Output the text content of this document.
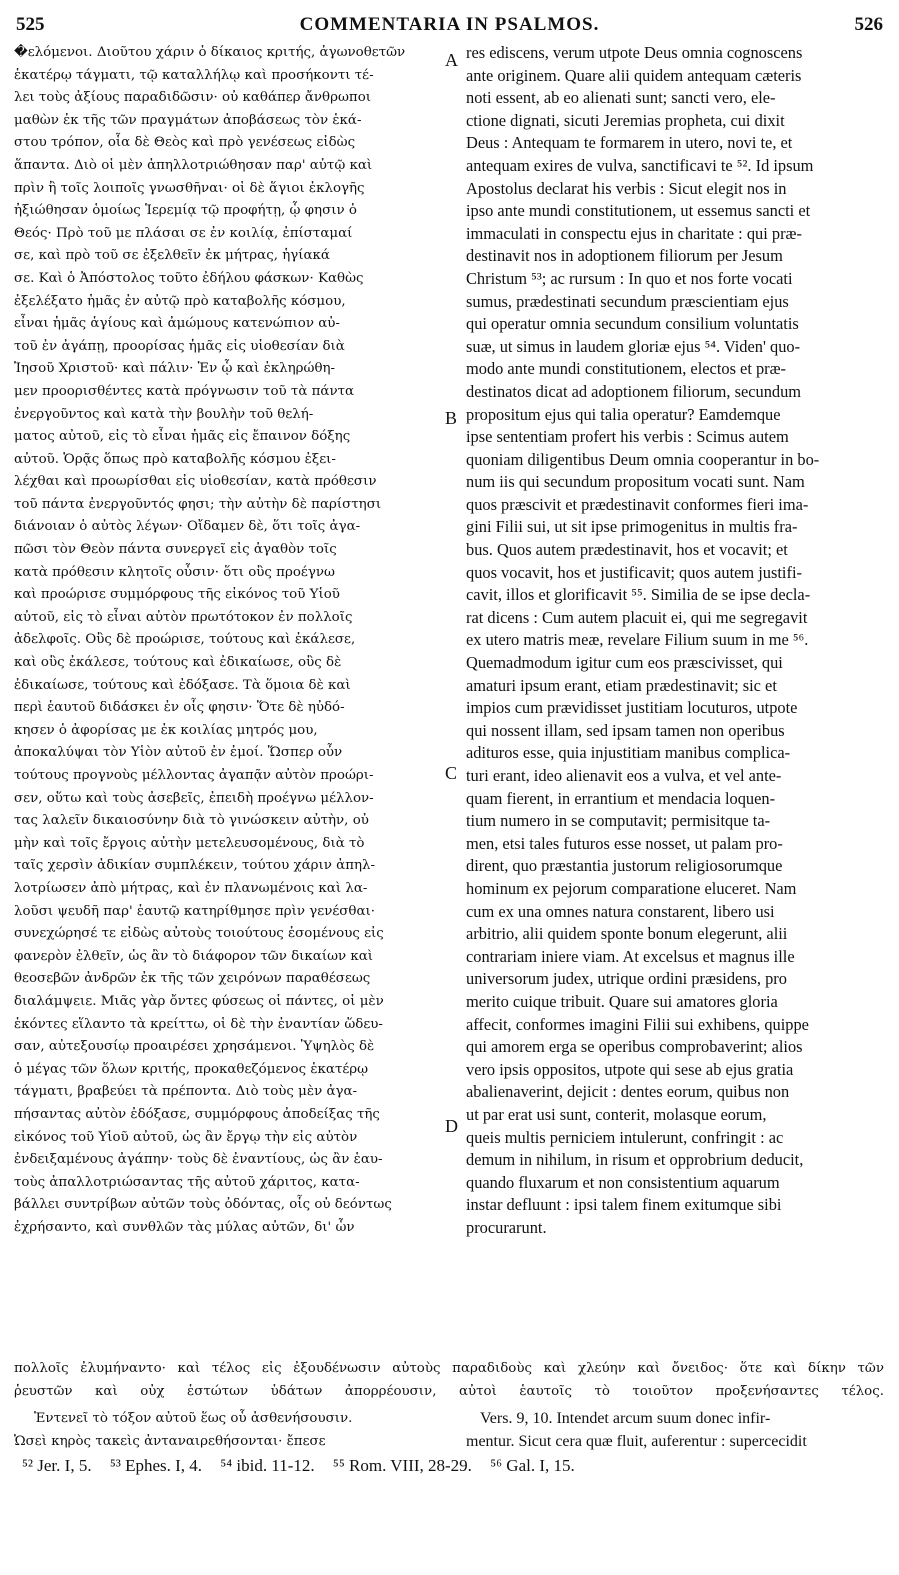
525	COMMENTARIA IN PSALMOS.	526
�ελόμενοι. Διοῦτου χάριν ὁ δίκαιος κριτής, ἀγωνοθετῶν
ἑκατέρῳ τάγματι, τῷ καταλλήλῳ καὶ προσήκοντι τέ-
λει τοὺς ἀξίους παραδιδῶσιν· οὐ καθάπερ ἄνθρωποι
μαθὼν ἐκ τῆς τῶν πραγμάτων ἀποβάσεως τὸν ἑκά-
στου τρόπον, οἷα δὲ Θεὸς καὶ πρὸ γενέσεως εἰδὼς
ἅπαντα. Διὸ οἱ μὲν ἀπηλλοτριώθησαν παρ' αὐτῷ καὶ
πρὶν ἢ τοῖς λοιποῖς γνωσθῆναι· οἱ δὲ ἅγιοι ἐκλογῆς
ἠξιώθησαν ὁμοίως Ἱερεμίᾳ τῷ προφήτῃ, ᾧ φησιν ὁ
Θεός· Πρὸ τοῦ με πλάσαι σε ἐν κοιλίᾳ, ἐπίσταμαί
σε, καὶ πρὸ τοῦ σε ἐξελθεῖν ἐκ μήτρας, ἡγίακά
σε. Καὶ ὁ Ἀπόστολος τοῦτο ἐδήλου φάσκων· Καθὼς
ἐξελέξατο ἡμᾶς ἐν αὐτῷ πρὸ καταβολῆς κόσμου,
εἶναι ἡμᾶς ἁγίους καὶ ἀμώμους κατενώπιον αὐ-
τοῦ ἐν ἀγάπῃ, προορίσας ἡμᾶς εἰς υἱοθεσίαν διὰ
Ἰησοῦ Χριστοῦ· καὶ πάλιν· Ἐν ᾧ καὶ ἐκληρώθη-
μεν προορισθέντες κατὰ πρόγνωσιν τοῦ τὰ πάντα
ἐνεργοῦντος καὶ κατὰ τὴν βουλὴν τοῦ θελή-
ματος αὐτοῦ, εἰς τὸ εἶναι ἡμᾶς εἰς ἔπαινον δόξης
αὐτοῦ. Ὁρᾷς ὅπως πρὸ καταβολῆς κόσμου ἐξει-
λέχθαι καὶ προωρίσθαι εἰς υἱοθεσίαν, κατὰ πρόθεσιν
τοῦ πάντα ἐνεργοῦντός φησι; τὴν αὐτὴν δὲ παρίστησι
διάνοιαν ὁ αὐτὸς λέγων· Οἴδαμεν δὲ, ὅτι τοῖς ἀγα-
πῶσι τὸν Θεὸν πάντα συνεργεῖ εἰς ἀγαθὸν τοῖς
κατὰ πρόθεσιν κλητοῖς οὖσιν· ὅτι οὓς προέγνω
καὶ προώρισε συμμόρφους τῆς εἰκόνος τοῦ Υἱοῦ
αὐτοῦ, εἰς τὸ εἶναι αὐτὸν πρωτότοκον ἐν πολλοῖς
ἀδελφοῖς. Οὓς δὲ προώρισε, τούτους καὶ ἐκάλεσε,
καὶ οὓς ἐκάλεσε, τούτους καὶ ἐδικαίωσε, οὓς δὲ
ἐδικαίωσε, τούτους καὶ ἐδόξασε. Τὰ ὅμοια δὲ καὶ
περὶ ἑαυτοῦ διδάσκει ἐν οἷς φησιν· Ὅτε δὲ ηὐδό-
κησεν ὁ ἀφορίσας με ἐκ κοιλίας μητρός μου,
ἀποκαλύψαι τὸν Υἱὸν αὐτοῦ ἐν ἐμοί. Ὥσπερ οὖν
τούτους προγνοὺς μέλλοντας ἀγαπᾷν αὐτὸν προώρι-
σεν, οὕτω καὶ τοὺς ἀσεβεῖς, ἐπειδὴ προέγνω μέλλον-
τας λαλεῖν δικαιοσύνην διὰ τὸ γινώσκειν αὐτὴν, οὐ
μὴν καὶ τοῖς ἔργοις αὐτὴν μετελευσομένους, διὰ τὸ
ταῖς χερσὶν ἀδικίαν συμπλέκειν, τούτου χάριν ἀπηλ-
λοτρίωσεν ἀπὸ μήτρας, καὶ ἐν πλανωμένοις καὶ λα-
λοῦσι ψευδῆ παρ' ἑαυτῷ κατηρίθμησε πρὶν γενέσθαι·
συνεχώρησέ τε εἰδὼς αὐτοὺς τοιούτους ἐσομένους εἰς
φανερὸν ἐλθεῖν, ὡς ἂν τὸ διάφορον τῶν δικαίων καὶ
θεοσεβῶν ἀνδρῶν ἐκ τῆς τῶν χειρόνων παραθέσεως
διαλάμψειε. Μιᾶς γὰρ ὄντες φύσεως οἱ πάντες, οἱ μὲν
ἑκόντες εἵλαντο τὰ κρείττω, οἱ δὲ τὴν ἐναντίαν ὥδευ-
σαν, αὐτεξουσίῳ προαιρέσει χρησάμενοι. Ὑψηλὸς δὲ
ὁ μέγας τῶν ὅλων κριτής, προκαθεζόμενος ἑκατέρῳ
τάγματι, βραβεύει τὰ πρέποντα. Διὸ τοὺς μὲν ἀγα-
πήσαντας αὐτὸν ἐδόξασε, συμμόρφους ἀποδείξας τῆς
εἰκόνος τοῦ Υἱοῦ αὐτοῦ, ὡς ἂν ἔργῳ τὴν εἰς αὐτὸν
ἐνδειξαμένους ἀγάπην· τοὺς δὲ ἐναντίους, ὡς ἂν ἑαυ-
τοὺς ἀπαλλοτριώσαντας τῆς αὐτοῦ χάριτος, κατα-
βάλλει συντρίβων αὐτῶν τοὺς ὀδόντας, οἷς οὐ δεόντως
ἐχρήσαντο, καὶ συνθλῶν τὰς μύλας αὐτῶν, δι' ὧν
res ediscens, verum utpote Deus omnia cognoscens
ante originem. Quare alii quidem antequam cæteris
noti essent, ab eo alienati sunt; sancti vero, ele-
ctione dignati, sicuti Jeremias propheta, cui dixit
Deus : Antequam te formarem in utero, novi te, et
antequam exires de vulva, sanctificavi te ⁵². Id ipsum
Apostolus declarat his verbis : Sicut elegit nos in
ipso ante mundi constitutionem, ut essemus sancti et
immaculati in conspectu ejus in charitate : qui præ-
destinavit nos in adoptionem filiorum per Jesum
Christum ⁵³; ac rursum : In quo et nos forte vocati
sumus, prædestinati secundum præscientiam ejus
qui operatur omnia secundum consilium voluntatis
suæ, ut simus in laudem gloriæ ejus ⁵⁴. Viden' quo-
modo ante mundi constitutionem, electos et præ-
destinatos dicat ad adoptionem filiorum, secundum
propositum ejus qui talia operatur? Eamdemque
ipse sententiam profert his verbis : Scimus autem
quoniam diligentibus Deum omnia cooperantur in bo-
num iis qui secundum propositum vocati sunt. Nam
quos præscivit et prædestinavit conformes fieri ima-
gini Filii sui, ut sit ipse primogenitus in multis fra-
bus. Quos autem prædestinavit, hos et vocavit; et
quos vocavit, hos et justificavit; quos autem justifi-
cavit, illos et glorificavit ⁵⁵. Similia de se ipse decla-
rat dicens : Cum autem placuit ei, qui me segregavit
ex utero matris meæ, revelare Filium suum in me ⁵⁶.
Quemadmodum igitur cum eos præscivisset, qui
amaturi ipsum erant, etiam prædestinavit; sic et
impios cum prævidisset justitiam locuturos, utpote
qui nossent illam, sed ipsam tamen non operibus
adituros esse, quia injustitiam manibus complica-
turi erant, ideo alienavit eos a vulva, et vel ante-
quam fierent, in errantium et mendacia loquen-
tium numero in se computavit; permisitque ta-
men, etsi tales futuros esse nosset, ut palam pro-
dirent, quo præstantia justorum religiosorumque
hominum ex pejorum comparatione eluceret. Nam
cum ex una omnes natura constarent, libero usi
arbitrio, alii quidem sponte bonum elegerunt, alii
contrariam iniere viam. At excelsus et magnus ille
universorum judex, utrique ordini præsidens, pro
merito cuique tribuit. Quare sui amatores gloria
affecit, conformes imagini Filii sui exhibens, quippe
qui amorem erga se operibus comprobaverint; alios
vero ipsis oppositos, utpote qui sese ab ejus gratia
abalienaverint, dejicit : dentes eorum, quibus non
ut par erat usi sunt, conterit, molasque eorum,
queis multis perniciem intulerunt, confringit : ac
demum in nihilum, in risum et opprobrium deducit,
quando fluxarum et non consistentium aquarum
instar defluunt : ipsi talem finem exitumque sibi
procurarunt.
A
B
C
D
πολλοῖς ἐλυμήναντο· καὶ τέλος εἰς ἐξουδένωσιν αὐτοὺς παραδιδοὺς καὶ χλεύην καὶ ὄνειδος· ὅτε καὶ δίκην τῶν
ῥευστῶν καὶ οὐχ ἑστώτων ὑδάτων ἀπορρέουσιν, αὐτοὶ ἑαυτοῖς τὸ τοιοῦτον προξενήσαντες τέλος.
Ἐντενεῖ τὸ τόξον αὐτοῦ ἕως οὗ ἀσθενήσουσιν.
Ὡσεὶ κηρὸς τακεὶς ἀνταναιρεθήσονται· ἔπεσε
Vers. 9, 10. Intendet arcum suum donec infir-
mentur. Sicut cera quæ fluit, auferentur : supercecidit
⁵² Jer. I, 5. ⁵³ Ephes. I, 4. ⁵⁴ ibid. 11-12. ⁵⁵ Rom. VIII, 28-29. ⁵⁶ Gal. I, 15.
